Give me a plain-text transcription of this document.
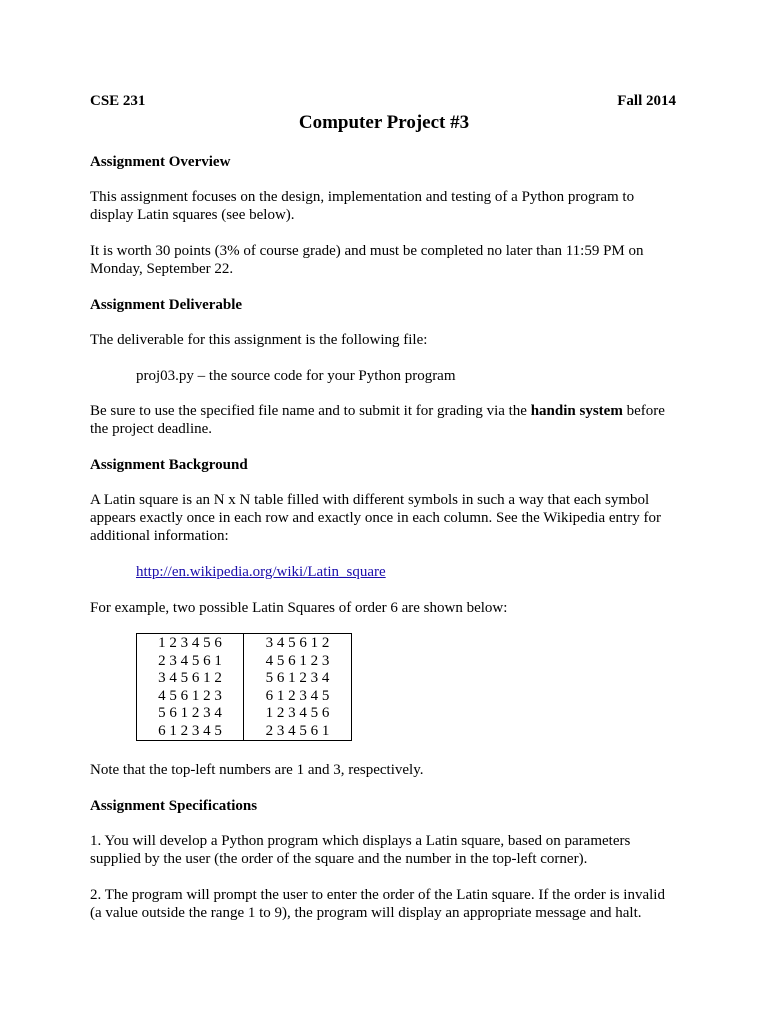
CSE 231	Fall 2014

Computer Project #3

Assignment Overview

This assignment focuses on the design, implementation and testing of a Python program to
display Latin squares (see below).
It is worth 30 points (3% of course grade) and must be completed no later than 11:59 PM on
Monday, September 22.

Assignment Deliverable

The deliverable for this assignment is the following file:

proj03.py – the source code for your Python program

Be sure to use the specified file name and to submit it for grading via the handin system before
the project deadline.

Assignment Background

A Latin square is an N x N table filled with different symbols in such a way that each symbol
appears exactly once in each row and exactly once in each column. See the Wikipedia entry for
additional information:

http://en.wikipedia.org/wiki/Latin_square

For example, two possible Latin Squares of order 6 are shown below:

1 2 3 4 5 6
2 3 4 5 6 1
3 4 5 6 1 2
4 5 6 1 2 3
5 6 1 2 3 4
6 1 2 3 4 5
3 4 5 6 1 2
4 5 6 1 2 3
5 6 1 2 3 4
6 1 2 3 4 5
1 2 3 4 5 6
2 3 4 5 6 1

Note that the top-left numbers are 1 and 3, respectively.

Assignment Specifications

1. You will develop a Python program which displays a Latin square, based on parameters
supplied by the user (the order of the square and the number in the top-left corner).
2. The program will prompt the user to enter the order of the Latin square. If the order is invalid
(a value outside the range 1 to 9), the program will display an appropriate message and halt.
